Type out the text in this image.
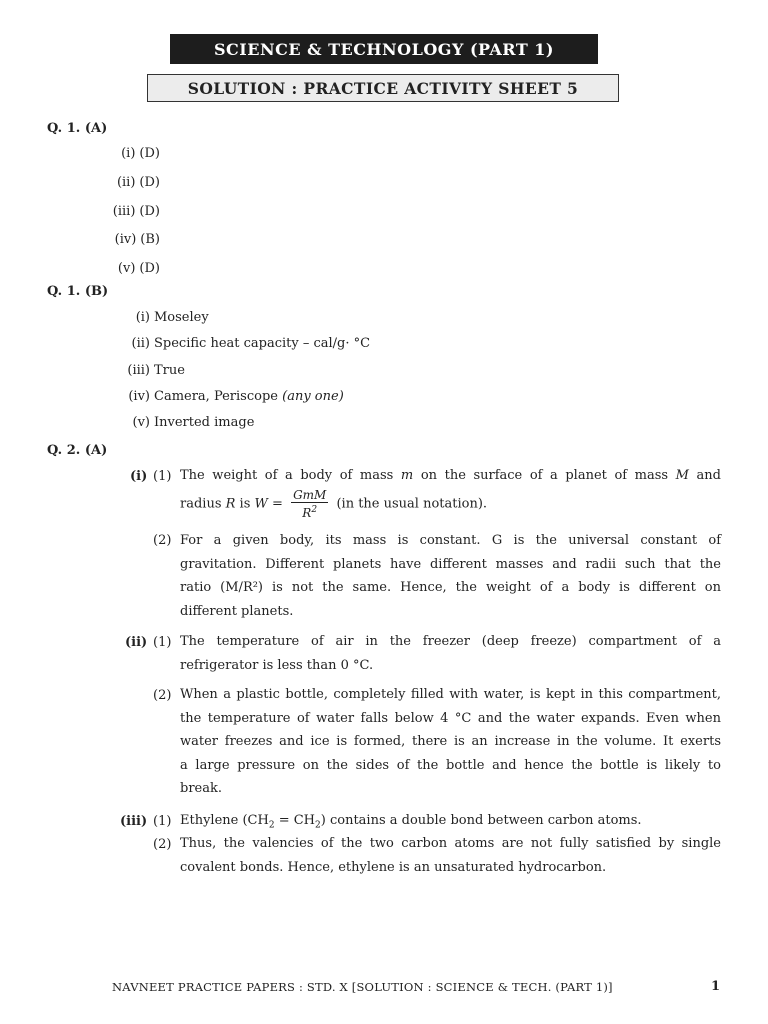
SCIENCE & TECHNOLOGY (PART 1)
SOLUTION : PRACTICE ACTIVITY SHEET 5
Q. 1. (A)
(i) (D)
(ii) (D)
(iii) (D)
(iv) (B)
(v) (D)
Q. 1. (B)
(i) Moseley
(ii) Specific heat capacity – cal/g· °C
(iii) True
(iv) Camera, Periscope
(any one)
(v) Inverted image
Q. 2. (A)
(i) (1) The weight of a body of mass m on the surface of a planet of mass M and
radius R is $W = \frac{\text{GmM}}{R^2} (in$ the usual notation).
(2) For a given body, its mass is constant. G is the universal constant of
gravitation. Different planets have different masses and radii such that the
ratio (M/R²) is not the same. Hence, the weight of a body is different on
different planets.
(ii) (1) The temperature of air in the freezer (deep freeze) compartment of a
refrigerator is less than 0 °C.
(2) When a plastic bottle, completely filled with water, is kept in this compartment,
the temperature of water falls below 4 °C and the water expands. Even when
water freezes and ice is formed, there is an increase in the volume. It exerts
a large pressure on the sides of the bottle and hence the bottle is likely to
break.
(iii) (1) Ethylene $(CH_2 = CH_2)$ contains a double bond between carbon atoms.
(2) Thus, the valencies of the two carbon atoms are not fully satisfied by single
covalent bonds. Hence, ethylene is an unsaturated hydrocarbon.
NAVNEET PRACTICE PAPERS : STD. X [SOLUTION : SCIENCE & TECH. (PART 1)]	1
